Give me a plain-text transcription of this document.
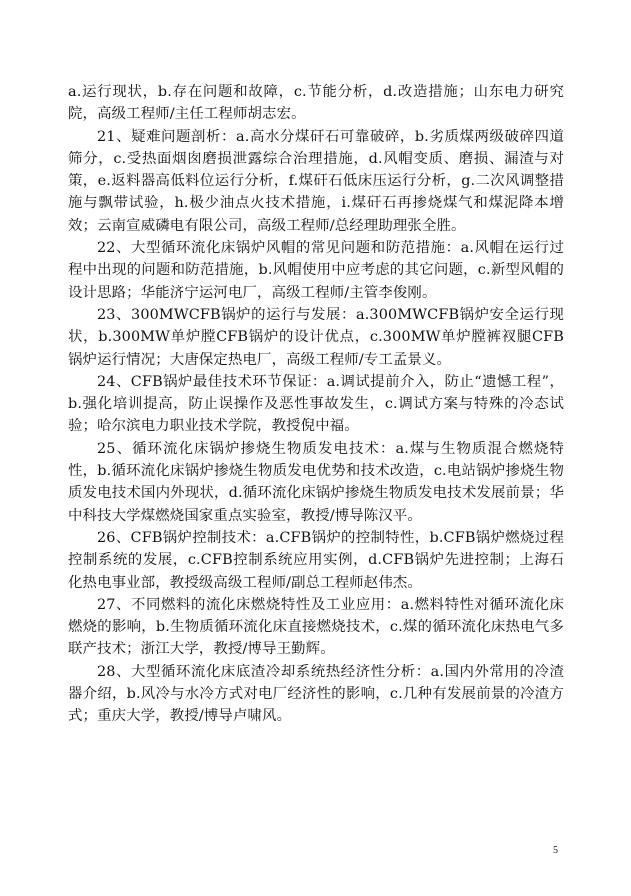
a.运行现状，b.存在问题和故障，c.节能分析，d.改造措施；山东电力研究院，高级工程师/主任工程师胡志宏。

21、疑难问题剖析：a.高水分煤矸石可靠破碎，b.劣质煤两级破碎四道筛分，c.受热面烟囱磨损泄露综合治理措施，d.风帽变质、磨损、漏渣与对策，e.返料器高低料位运行分析，f.煤矸石低床压运行分析，g.二次风调整措施与飘带试验，h.极少油点火技术措施，i.煤矸石再掺烧煤气和煤泥降本增效；云南宣威磷电有限公司，高级工程师/总经理助理张全胜。

22、大型循环流化床锅炉风帽的常见问题和防范措施：a.风帽在运行过程中出现的问题和防范措施，b.风帽使用中应考虑的其它问题，c.新型风帽的设计思路；华能济宁运河电厂，高级工程师/主管李俊刚。

23、300MWCFB锅炉的运行与发展：a.300MWCFB锅炉安全运行现状，b.300MW单炉膛CFB锅炉的设计优点，c.300MW单炉膛裤衩腿CFB锅炉运行情况；大唐保定热电厂，高级工程师/专工孟景义。

24、CFB锅炉最佳技术环节保证：a.调试提前介入，防止“遗憾工程”，b.强化培训提高，防止误操作及恶性事故发生，c.调试方案与特殊的冷态试验；哈尔滨电力职业技术学院，教授倪中福。

25、循环流化床锅炉掺烧生物质发电技术：a.煤与生物质混合燃烧特性，b.循环流化床锅炉掺烧生物质发电优势和技术改造，c.电站锅炉掺烧生物质发电技术国内外现状，d.循环流化床锅炉掺烧生物质发电技术发展前景；华中科技大学煤燃烧国家重点实验室，教授/博导陈汉平。

26、CFB锅炉控制技术：a.CFB锅炉的控制特性，b.CFB锅炉燃烧过程控制系统的发展，c.CFB控制系统应用实例，d.CFB锅炉先进控制；上海石化热电事业部，教授级高级工程师/副总工程师赵伟杰。

27、不同燃料的流化床燃烧特性及工业应用：a.燃料特性对循环流化床燃烧的影响，b.生物质循环流化床直接燃烧技术，c.煤的循环流化床热电气多联产技术；浙江大学，教授/博导王勤辉。

28、大型循环流化床底渣冷却系统热经济性分析：a.国内外常用的冷渣器介绍，b.风冷与水冷方式对电厂经济性的影响，c.几种有发展前景的冷渣方式；重庆大学，教授/博导卢啸风。

5
